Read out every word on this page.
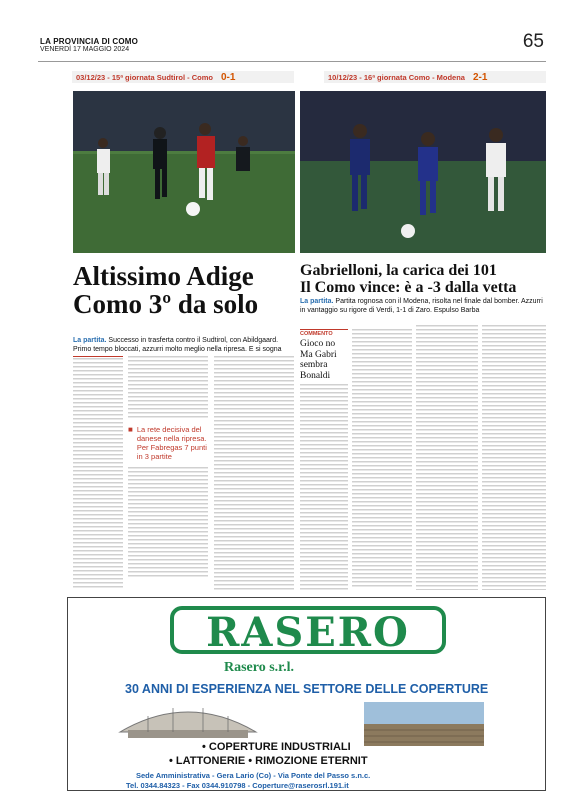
LA PROVINCIA DI COMO
VENERDÌ 17 MAGGIO 2024	65
03/12/23 - 15ª giornata Sudtirol - Como 0-1	10/12/23 - 16ª giornata Como - Modena 2-1
Altissimo Adige
Como 3º da solo
La partita. Successo in trasferta contro il Sudtirol, con Abildgaard. Primo tempo bloccati, azzurri molto meglio nella ripresa. E si sogna
■ La rete decisiva del danese nella ripresa. Per Fabregas 7 punti in 3 partite
Gabrielloni, la carica dei 101
Il Como vince: è a -3 dalla vetta
La partita. Partita rognosa con il Modena, risolta nel finale dal bomber. Azzurri in vantaggio su rigore di Verdi, 1-1 di Zaro. Espulso Barba
COMMENTO
Gioco no Ma Gabri sembra Bonaldi
RASERO
Rasero s.r.l.
30 ANNI DI ESPERIENZA NEL SETTORE DELLE COPERTURE
• COPERTURE INDUSTRIALI
• LATTONERIE • RIMOZIONE ETERNIT
Sede Amministrativa - Gera Lario (Co) - Via Ponte del Passo s.n.c.
Tel. 0344.84323 - Fax 0344.910798 - Coperture@raserosrl.191.it
